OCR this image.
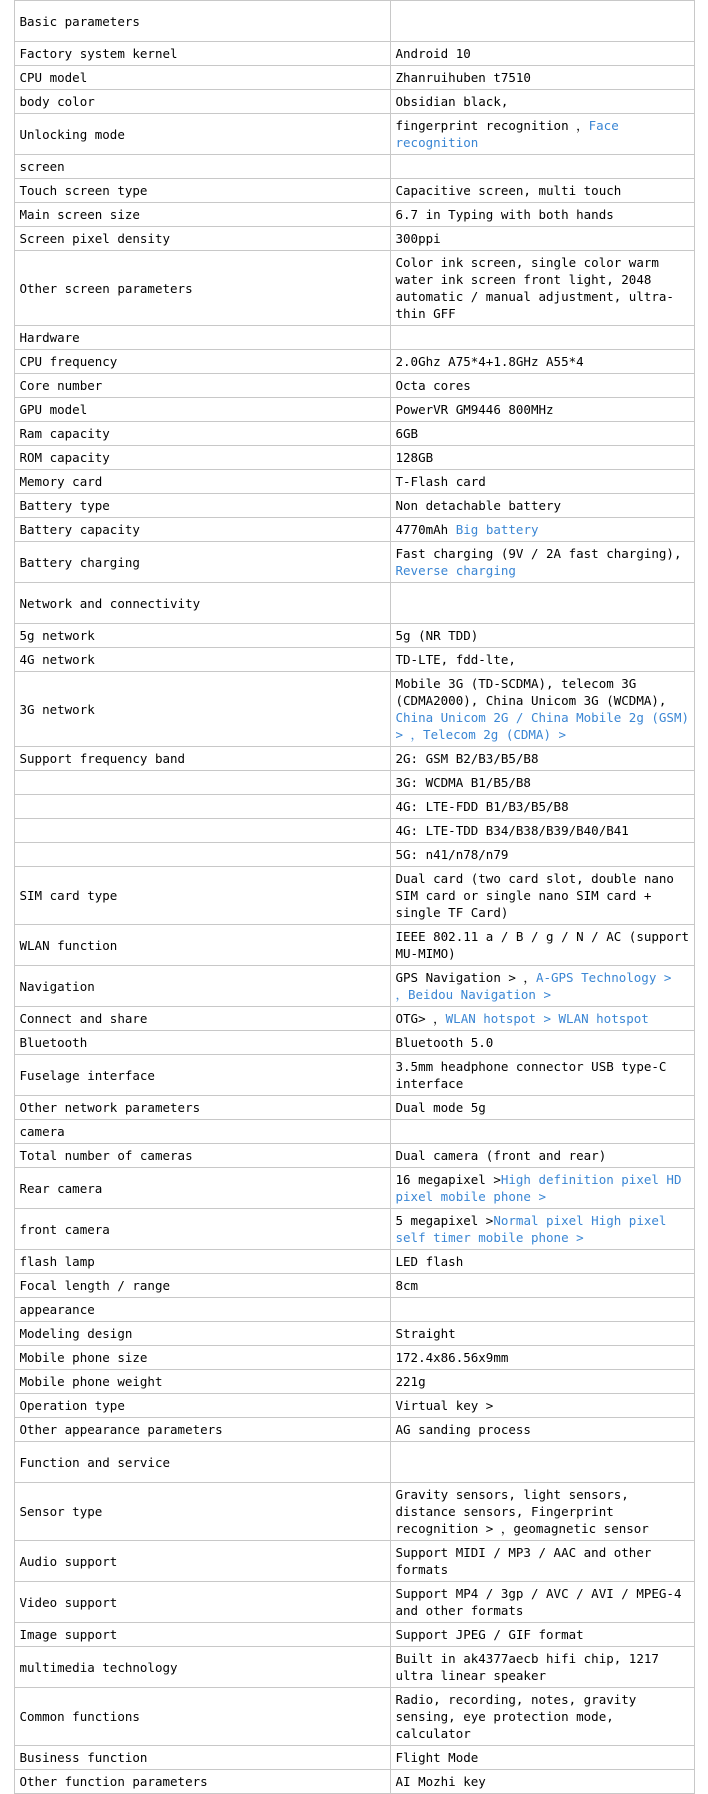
Basic parameters	
Factory system kernel	Android 10
CPU model	Zhanruihuben t7510
body color	Obsidian black,
Unlocking mode	fingerprint recognition ，Face recognition
screen	
Touch screen type	Capacitive screen, multi touch
Main screen size	6.7 in Typing with both hands
Screen pixel density	300ppi
Other screen parameters	Color ink screen, single color warm water ink screen front light, 2048 automatic / manual adjustment, ultra-thin GFF
Hardware	
CPU frequency	2.0Ghz A75*4+1.8GHz A55*4
Core number	Octa cores
GPU model	PowerVR GM9446 800MHz
Ram capacity	6GB
ROM capacity	128GB
Memory card	T-Flash card
Battery type	Non detachable battery
Battery capacity	4770mAh Big battery
Battery charging	Fast charging (9V / 2A fast charging), Reverse charging
Network and connectivity	
5g network	5g (NR TDD)
4G network	TD-LTE, fdd-lte,
3G network	Mobile 3G (TD-SCDMA), telecom 3G (CDMA2000), China Unicom 3G (WCDMA), China Unicom 2G / China Mobile 2g (GSM) > ，Telecom 2g (CDMA) >
Support frequency band	2G: GSM B2/B3/B5/B8
	3G: WCDMA B1/B5/B8
	4G: LTE-FDD B1/B3/B5/B8
	4G: LTE-TDD B34/B38/B39/B40/B41
	5G: n41/n78/n79
SIM card type	Dual card (two card slot, double nano SIM card or single nano SIM card + single TF Card)
WLAN function	IEEE 802.11 a / B / g / N / AC (support MU-MIMO)
Navigation	GPS Navigation > ，A-GPS Technology > ，Beidou Navigation >
Connect and share	OTG> ，WLAN hotspot > WLAN hotspot
Bluetooth	Bluetooth 5.0
Fuselage interface	3.5mm headphone connector USB type-C interface
Other network parameters	Dual mode 5g
camera	
Total number of cameras	Dual camera (front and rear)
Rear camera	16 megapixel >High definition pixel HD pixel mobile phone >
front camera	5 megapixel >Normal pixel High pixel self timer mobile phone >
flash lamp	LED flash
Focal length / range	8cm
appearance	
Modeling design	Straight
Mobile phone size	172.4x86.56x9mm
Mobile phone weight	221g
Operation type	Virtual key >
Other appearance parameters	AG sanding process
Function and service	
Sensor type	Gravity sensors, light sensors, distance sensors, Fingerprint recognition > ，geomagnetic sensor
Audio support	Support MIDI / MP3 / AAC and other formats
Video support	Support MP4 / 3gp / AVC / AVI / MPEG-4 and other formats
Image support	Support JPEG / GIF format
multimedia technology	Built in ak4377aecb hifi chip, 1217 ultra linear speaker
Common functions	Radio, recording, notes, gravity sensing, eye protection mode, calculator
Business function	Flight Mode
Other function parameters	AI Mozhi key
